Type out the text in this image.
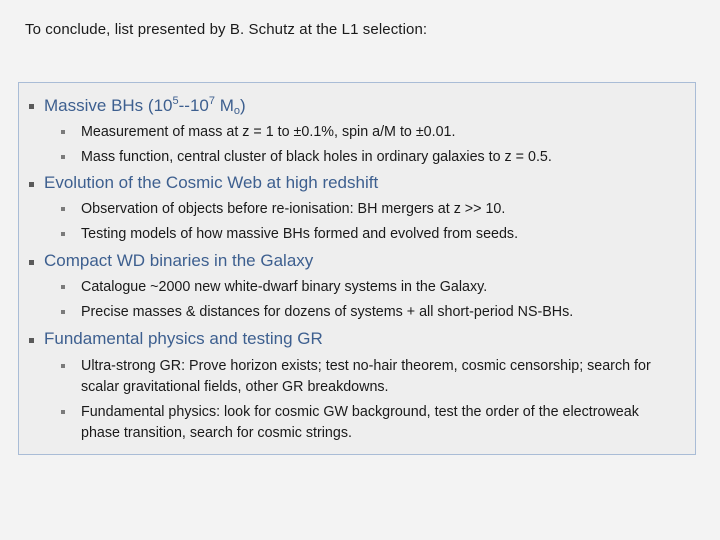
To conclude, list presented by B. Schutz at the L1 selection:
Massive BHs ($10^5--10^7$ $M_o$)
Measurement of mass at z = 1 to ±0.1%, spin a/M to ±0.01.
Mass function, central cluster of black holes in ordinary galaxies to z = 0.5.
Evolution of the Cosmic Web at high redshift
Observation of objects before re-ionisation: BH mergers at z >> 10.
Testing models of how massive BHs formed and evolved from seeds.
Compact WD binaries in the Galaxy
Catalogue ~2000 new white-dwarf binary systems in the Galaxy.
Precise masses & distances for dozens of systems + all short-period NS-BHs.
Fundamental physics and testing GR
Ultra-strong GR: Prove horizon exists; test no-hair theorem, cosmic censorship; search for scalar gravitational fields, other GR breakdowns.
Fundamental physics: look for cosmic GW background, test the order of the electroweak phase transition, search for cosmic strings.
